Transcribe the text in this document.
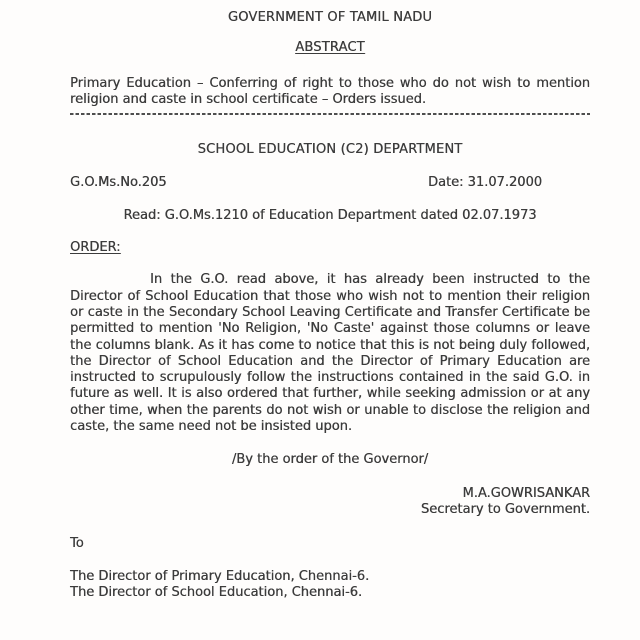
GOVERNMENT OF TAMIL NADU
ABSTRACT

Primary Education – Conferring of right to those who do not wish to mention religion and caste in school certificate – Orders issued.

SCHOOL EDUCATION (C2) DEPARTMENT
G.O.Ms.No.205	Date: 31.07.2000
Read: G.O.Ms.1210 of Education Department dated 02.07.1973
ORDER:

In the G.O. read above, it has already been instructed to the Director of School Education that those who wish not to mention their religion or caste in the Secondary School Leaving Certificate and Transfer Certificate be permitted to mention 'No Religion, 'No Caste' against those columns or leave the columns blank. As it has come to notice that this is not being duly followed, the Director of School Education and the Director of Primary Education are instructed to scrupulously follow the instructions contained in the said G.O. in future as well. It is also ordered that further, while seeking admission or at any other time, when the parents do not wish or unable to disclose the religion and caste, the same need not be insisted upon.

/By the order of the Governor/
M.A.GOWRISANKAR
Secretary to Government.
To
The Director of Primary Education, Chennai-6.
The Director of School Education, Chennai-6.
